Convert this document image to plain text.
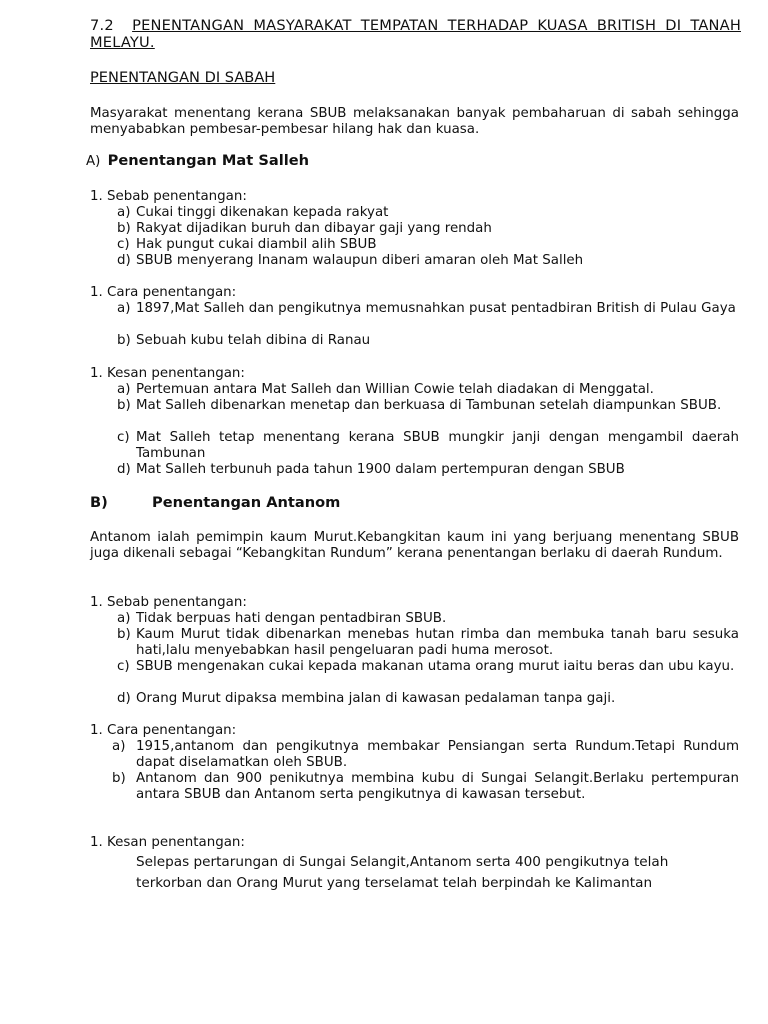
7.2 PENENTANGAN MASYARAKAT TEMPATAN TERHADAP KUASA BRITISH DI TANAH MELAYU.
PENENTANGAN DI SABAH
Masyarakat menentang kerana SBUB melaksanakan banyak pembaharuan di sabah sehingga menyababkan pembesar-pembesar hilang hak dan kuasa.
A) Penentangan Mat Salleh
1. Sebab penentangan:
a) Cukai tinggi dikenakan kepada rakyat
b) Rakyat dijadikan buruh dan dibayar gaji yang rendah
c) Hak pungut cukai diambil alih SBUB
d) SBUB menyerang Inanam walaupun diberi amaran oleh Mat Salleh
1. Cara penentangan:
a) 1897,Mat Salleh dan pengikutnya memusnahkan pusat pentadbiran British di Pulau Gaya
b) Sebuah kubu telah dibina di Ranau
1. Kesan penentangan:
a) Pertemuan antara Mat Salleh dan Willian Cowie telah diadakan di Menggatal.
b) Mat Salleh dibenarkan menetap dan berkuasa di Tambunan setelah diampunkan SBUB.
c) Mat Salleh tetap menentang kerana SBUB mungkir janji dengan mengambil daerah Tambunan
d) Mat Salleh terbunuh pada tahun 1900 dalam pertempuran dengan SBUB
B)	Penentangan Antanom
Antanom ialah pemimpin kaum Murut.Kebangkitan kaum ini yang berjuang menentang SBUB juga dikenali sebagai “Kebangkitan Rundum” kerana penentangan berlaku di daerah Rundum.
1. Sebab penentangan:
a) Tidak berpuas hati dengan pentadbiran SBUB.
b) Kaum Murut tidak dibenarkan menebas hutan rimba dan membuka tanah baru sesuka hati,lalu menyebabkan hasil pengeluaran padi huma merosot.
c) SBUB mengenakan cukai kepada makanan utama orang murut iaitu beras dan ubu kayu.
d) Orang Murut dipaksa membina jalan di kawasan pedalaman tanpa gaji.
1. Cara penentangan:
a) 1915,antanom dan pengikutnya membakar Pensiangan serta Rundum.Tetapi Rundum dapat diselamatkan oleh SBUB.
b) Antanom dan 900 penikutnya membina kubu di Sungai Selangit.Berlaku pertempuran antara SBUB dan Antanom serta pengikutnya di kawasan tersebut.
1. Kesan penentangan:
Selepas pertarungan di Sungai Selangit,Antanom serta 400 pengikutnya telah terkorban dan Orang Murut yang terselamat telah berpindah ke Kalimantan
